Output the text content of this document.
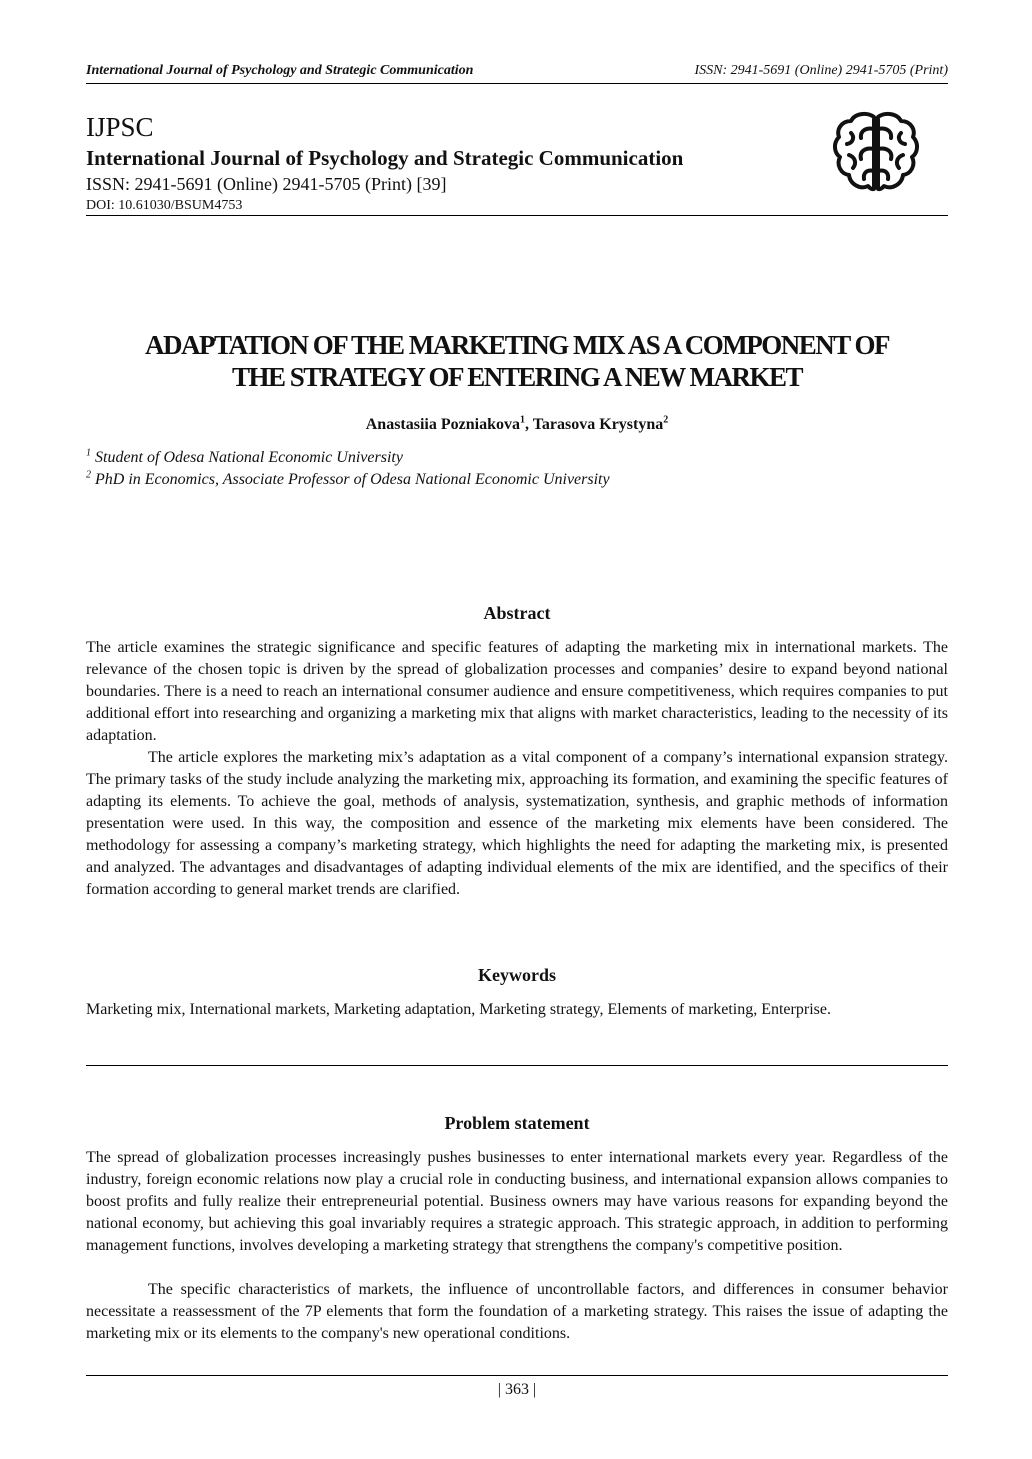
International Journal of Psychology and Strategic Communication	ISSN: 2941-5691 (Online) 2941-5705 (Print)
IJPSC
International Journal of Psychology and Strategic Communication
ISSN: 2941-5691 (Online) 2941-5705 (Print) [39]
DOI: 10.61030/BSUM4753
ADAPTATION OF THE MARKETING MIX AS A COMPONENT OF
THE STRATEGY OF ENTERING A NEW MARKET
Anastasiia Pozniakova$^1$, Tarasova Krystyna$^2$
$^1$ Student of Odesa National Economic University
$^2$ PhD in Economics, Associate Professor of Odesa National Economic University
Abstract

The article examines the strategic significance and specific features of adapting the marketing mix in international markets. The relevance of the chosen topic is driven by the spread of globalization processes and companies’ desire to expand beyond national boundaries. There is a need to reach an international consumer audience and ensure competitiveness, which requires companies to put additional effort into researching and organizing a marketing mix that aligns with market characteristics, leading to the necessity of its adaptation.

The article explores the marketing mix’s adaptation as a vital component of a company’s international expansion strategy. The primary tasks of the study include analyzing the marketing mix, approaching its formation, and examining the specific features of adapting its elements. To achieve the goal, methods of analysis, systematization, synthesis, and graphic methods of information presentation were used. In this way, the composition and essence of the marketing mix elements have been considered. The methodology for assessing a company’s marketing strategy, which highlights the need for adapting the marketing mix, is presented and analyzed. The advantages and disadvantages of adapting individual elements of the mix are identified, and the specifics of their formation according to general market trends are clarified.

Keywords

Marketing mix, International markets, Marketing adaptation, Marketing strategy, Elements of marketing, Enterprise.

Problem statement

The spread of globalization processes increasingly pushes businesses to enter international markets every year. Regardless of the industry, foreign economic relations now play a crucial role in conducting business, and international expansion allows companies to boost profits and fully realize their entrepreneurial potential. Business owners may have various reasons for expanding beyond the national economy, but achieving this goal invariably requires a strategic approach. This strategic approach, in addition to performing management functions, involves developing a marketing strategy that strengthens the company's competitive position.

The specific characteristics of markets, the influence of uncontrollable factors, and differences in consumer behavior necessitate a reassessment of the 7P elements that form the foundation of a marketing strategy. This raises the issue of adapting the marketing mix or its elements to the company's new operational conditions.

| 363 |
